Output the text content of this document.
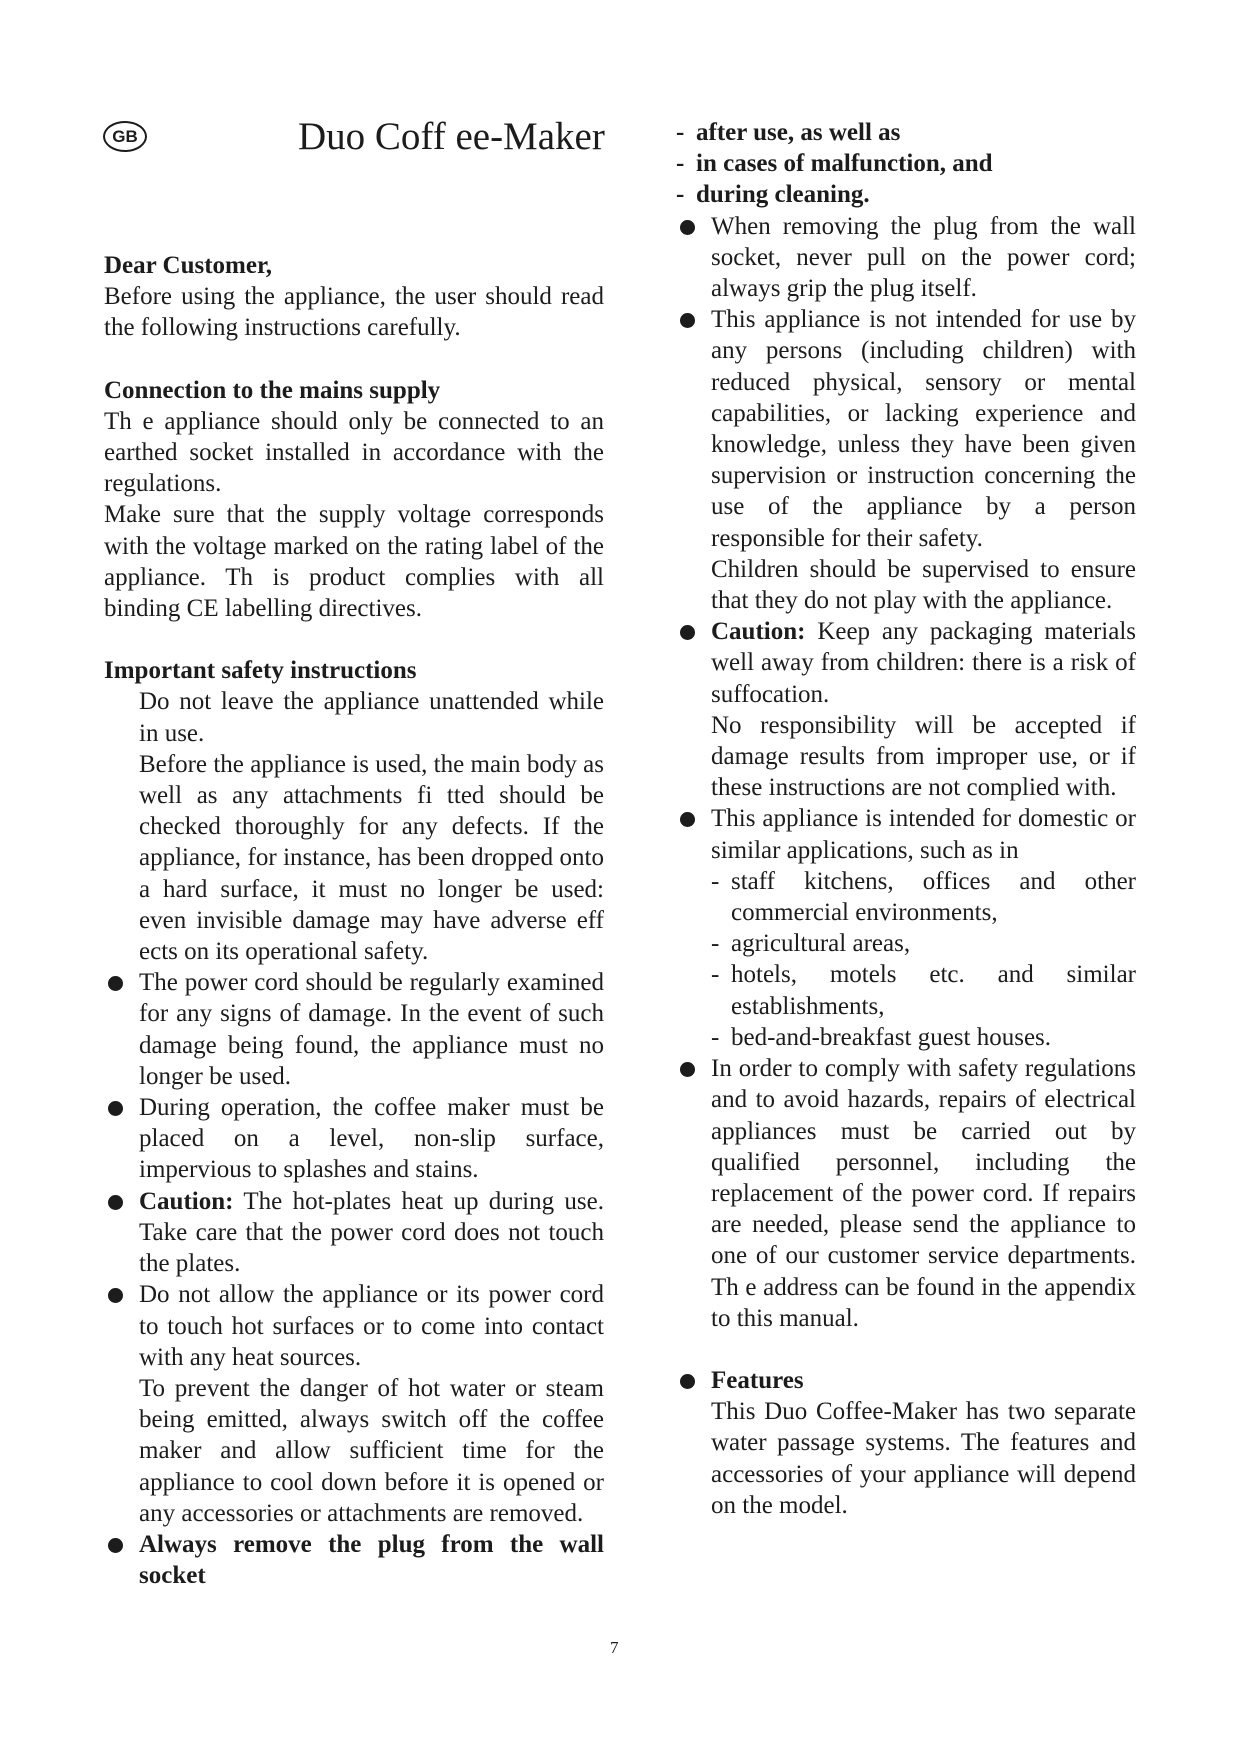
GB	Duo Coff ee-Maker

Dear Customer,

Before using the appliance, the user should read the following instructions carefully.

Connection to the mains supply

Th e appliance should only be connected to an earthed socket installed in accordance with the regulations.

Make sure that the supply voltage corresponds with the voltage marked on the rating label of the appliance. Th is product complies with all binding CE labelling directives.

Important safety instructions

Do not leave the appliance unattended while in use.
Before the appliance is used, the main body as well as any attachments fi tted should be checked thoroughly for any defects. If the appliance, for instance, has been dropped onto a hard surface, it must no longer be used: even invisible damage may have adverse eff ects on its operational safety.
The power cord should be regularly examined for any signs of damage. In the event of such damage being found, the appliance must no longer be used.
During operation, the coffee maker must be placed on a level, non-slip surface, impervious to splashes and stains.
Caution: The hot-plates heat up during use. Take care that the power cord does not touch the plates.
Do not allow the appliance or its power cord to touch hot surfaces or to come into contact with any heat sources.
To prevent the danger of hot water or steam being emitted, always switch off the coffee maker and allow sufficient time for the appliance to cool down before it is opened or any accessories or attachments are removed.
Always remove the plug from the wall socket
- after use, as well as
- in cases of malfunction, and
- during cleaning.
When removing the plug from the wall socket, never pull on the power cord; always grip the plug itself.
This appliance is not intended for use by any persons (including children) with reduced physical, sensory or mental capabilities, or lacking experience and knowledge, unless they have been given supervision or instruction concerning the use of the appliance by a person responsible for their safety.
Children should be supervised to ensure that they do not play with the appliance.
Caution: Keep any packaging materials well away from children: there is a risk of suffocation.
No responsibility will be accepted if damage results from improper use, or if these instructions are not complied with.
This appliance is intended for domestic or similar applications, such as in
- staff kitchens, offices and other commercial environments,
- agricultural areas,
- hotels, motels etc. and similar establishments,
- bed-and-breakfast guest houses.
In order to comply with safety regulations and to avoid hazards, repairs of electrical appliances must be carried out by qualified personnel, including the replacement of the power cord. If repairs are needed, please send the appliance to one of our customer service departments. Th e address can be found in the appendix to this manual.

Features

This Duo Coffee-Maker has two separate water passage systems. The features and accessories of your appliance will depend on the model.

7
